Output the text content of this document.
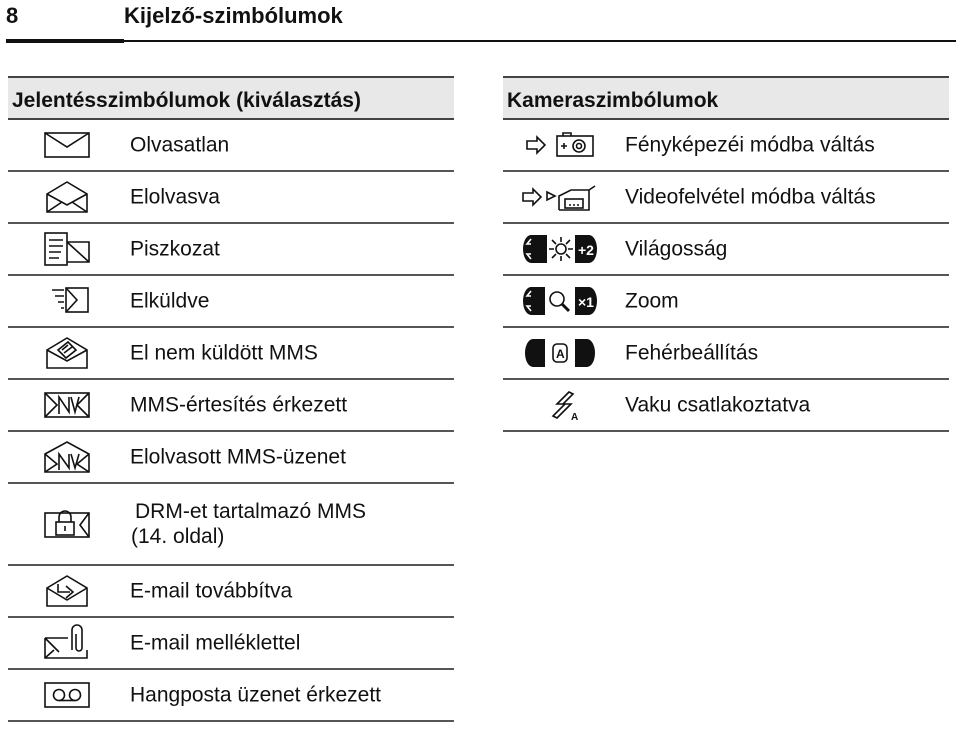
8	Kijelző-szimbólumok
Jelentésszimbólumok (kiválasztás)
Olvasatlan
Elolvasva
Piszkozat
Elküldve
El nem küldött MMS
MMS-értesítés érkezett
Elolvasott MMS-üzenet
DRM-et tartalmazó MMS
(14. oldal)
E-mail továbbítva
E-mail melléklettel
Hangposta üzenet érkezett
Kameraszimbólumok
Fényképezéi módba váltás
Videofelvétel módba váltás
+2 Világosság
×1 Zoom
A	Fehérbeállítás
A
Vaku csatlakoztatva
